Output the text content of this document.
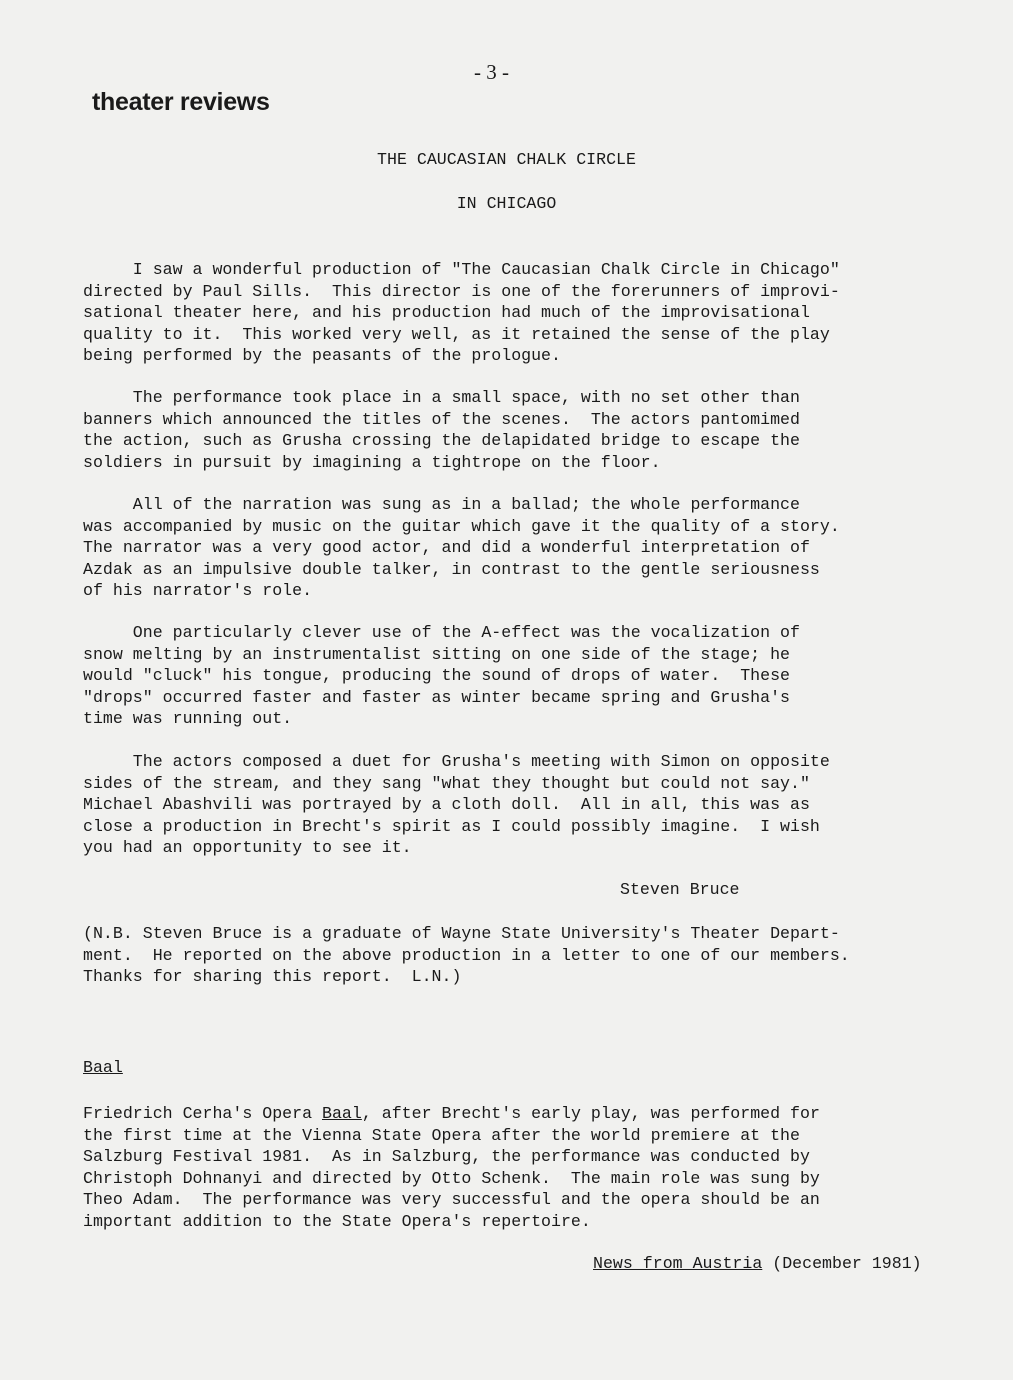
- 3 -
theater reviews
THE CAUCASIAN CHALK CIRCLE
IN CHICAGO

I saw a wonderful production of "The Caucasian Chalk Circle in Chicago"
directed by Paul Sills.  This director is one of the forerunners of improvi-
sational theater here, and his production had much of the improvisational
quality to it.  This worked very well, as it retained the sense of the play
being performed by the peasants of the prologue.

The performance took place in a small space, with no set other than
banners which announced the titles of the scenes.  The actors pantomimed
the action, such as Grusha crossing the delapidated bridge to escape the
soldiers in pursuit by imagining a tightrope on the floor.

All of the narration was sung as in a ballad; the whole performance
was accompanied by music on the guitar which gave it the quality of a story.
The narrator was a very good actor, and did a wonderful interpretation of
Azdak as an impulsive double talker, in contrast to the gentle seriousness
of his narrator's role.

One particularly clever use of the A-effect was the vocalization of
snow melting by an instrumentalist sitting on one side of the stage; he
would "cluck" his tongue, producing the sound of drops of water.  These
"drops" occurred faster and faster as winter became spring and Grusha's
time was running out.

The actors composed a duet for Grusha's meeting with Simon on opposite
sides of the stream, and they sang "what they thought but could not say."
Michael Abashvili was portrayed by a cloth doll.  All in all, this was as
close a production in Brecht's spirit as I could possibly imagine.  I wish
you had an opportunity to see it.

Steven Bruce

(N.B. Steven Bruce is a graduate of Wayne State University's Theater Depart-
ment.  He reported on the above production in a letter to one of our members.
Thanks for sharing this report.  L.N.)

Baal
Friedrich Cerha's Opera Baal, after Brecht's early play, was performed for
the first time at the Vienna State Opera after the world premiere at the
Salzburg Festival 1981.  As in Salzburg, the performance was conducted by
Christoph Dohnanyi and directed by Otto Schenk.  The main role was sung by
Theo Adam.  The performance was very successful and the opera should be an
important addition to the State Opera's repertoire.
News from Austria (December 1981)
